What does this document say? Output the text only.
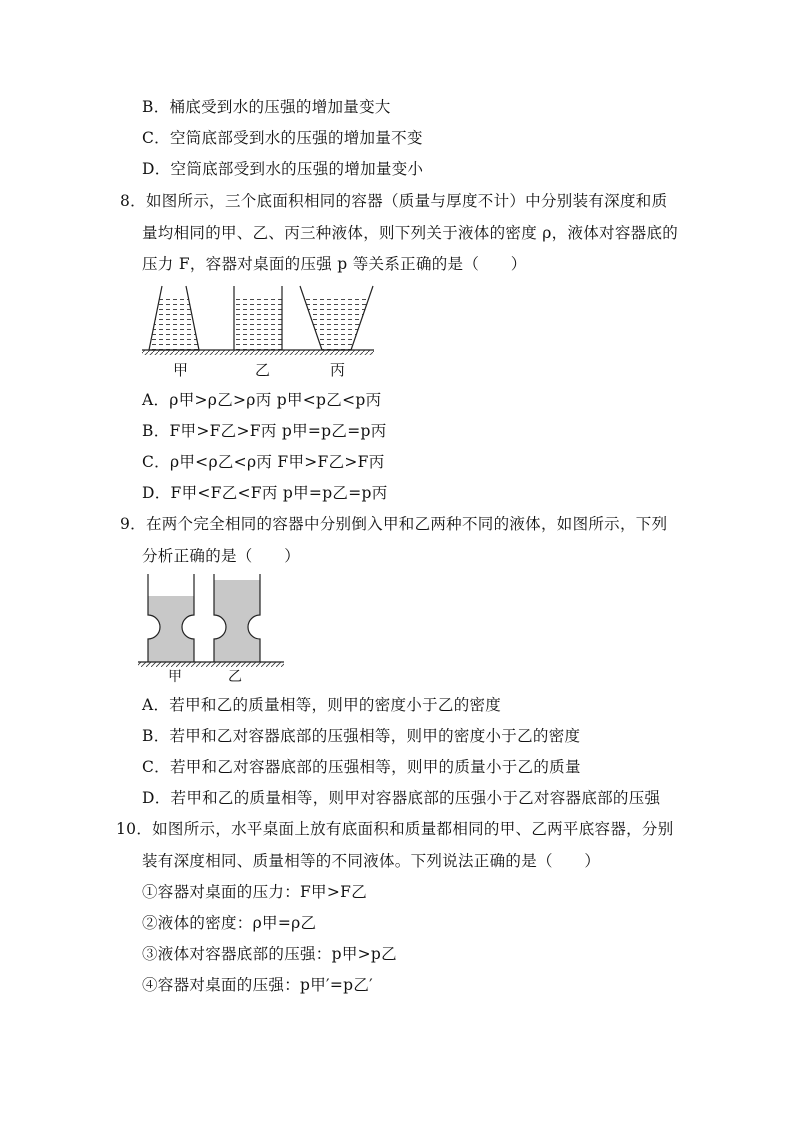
B．桶底受到水的压强的增加量变大
C．空筒底部受到水的压强的增加量不变
D．空筒底部受到水的压强的增加量变小
8．如图所示，三个底面积相同的容器（质量与厚度不计）中分别装有深度和质
量均相同的甲、乙、丙三种液体，则下列关于液体的密度 ρ，液体对容器底的
压力 F，容器对桌面的压强 p 等关系正确的是（　　）
甲	乙	丙
A．ρ甲>ρ乙>ρ丙 p甲<p乙<p丙
B．F甲>F乙>F丙 p甲=p乙=p丙
C．ρ甲<ρ乙<ρ丙 F甲>F乙>F丙
D．F甲<F乙<F丙 p甲=p乙=p丙
9．在两个完全相同的容器中分别倒入甲和乙两种不同的液体，如图所示，下列
分析正确的是（　　）
甲	乙
A．若甲和乙的质量相等，则甲的密度小于乙的密度
B．若甲和乙对容器底部的压强相等，则甲的密度小于乙的密度
C．若甲和乙对容器底部的压强相等，则甲的质量小于乙的质量
D．若甲和乙的质量相等，则甲对容器底部的压强小于乙对容器底部的压强
10．如图所示，水平桌面上放有底面积和质量都相同的甲、乙两平底容器，分别
装有深度相同、质量相等的不同液体。下列说法正确的是（　　）
①容器对桌面的压力：F甲>F乙
②液体的密度：ρ甲=ρ乙
③液体对容器底部的压强：p甲>p乙
④容器对桌面的压强：p甲′=p乙′
